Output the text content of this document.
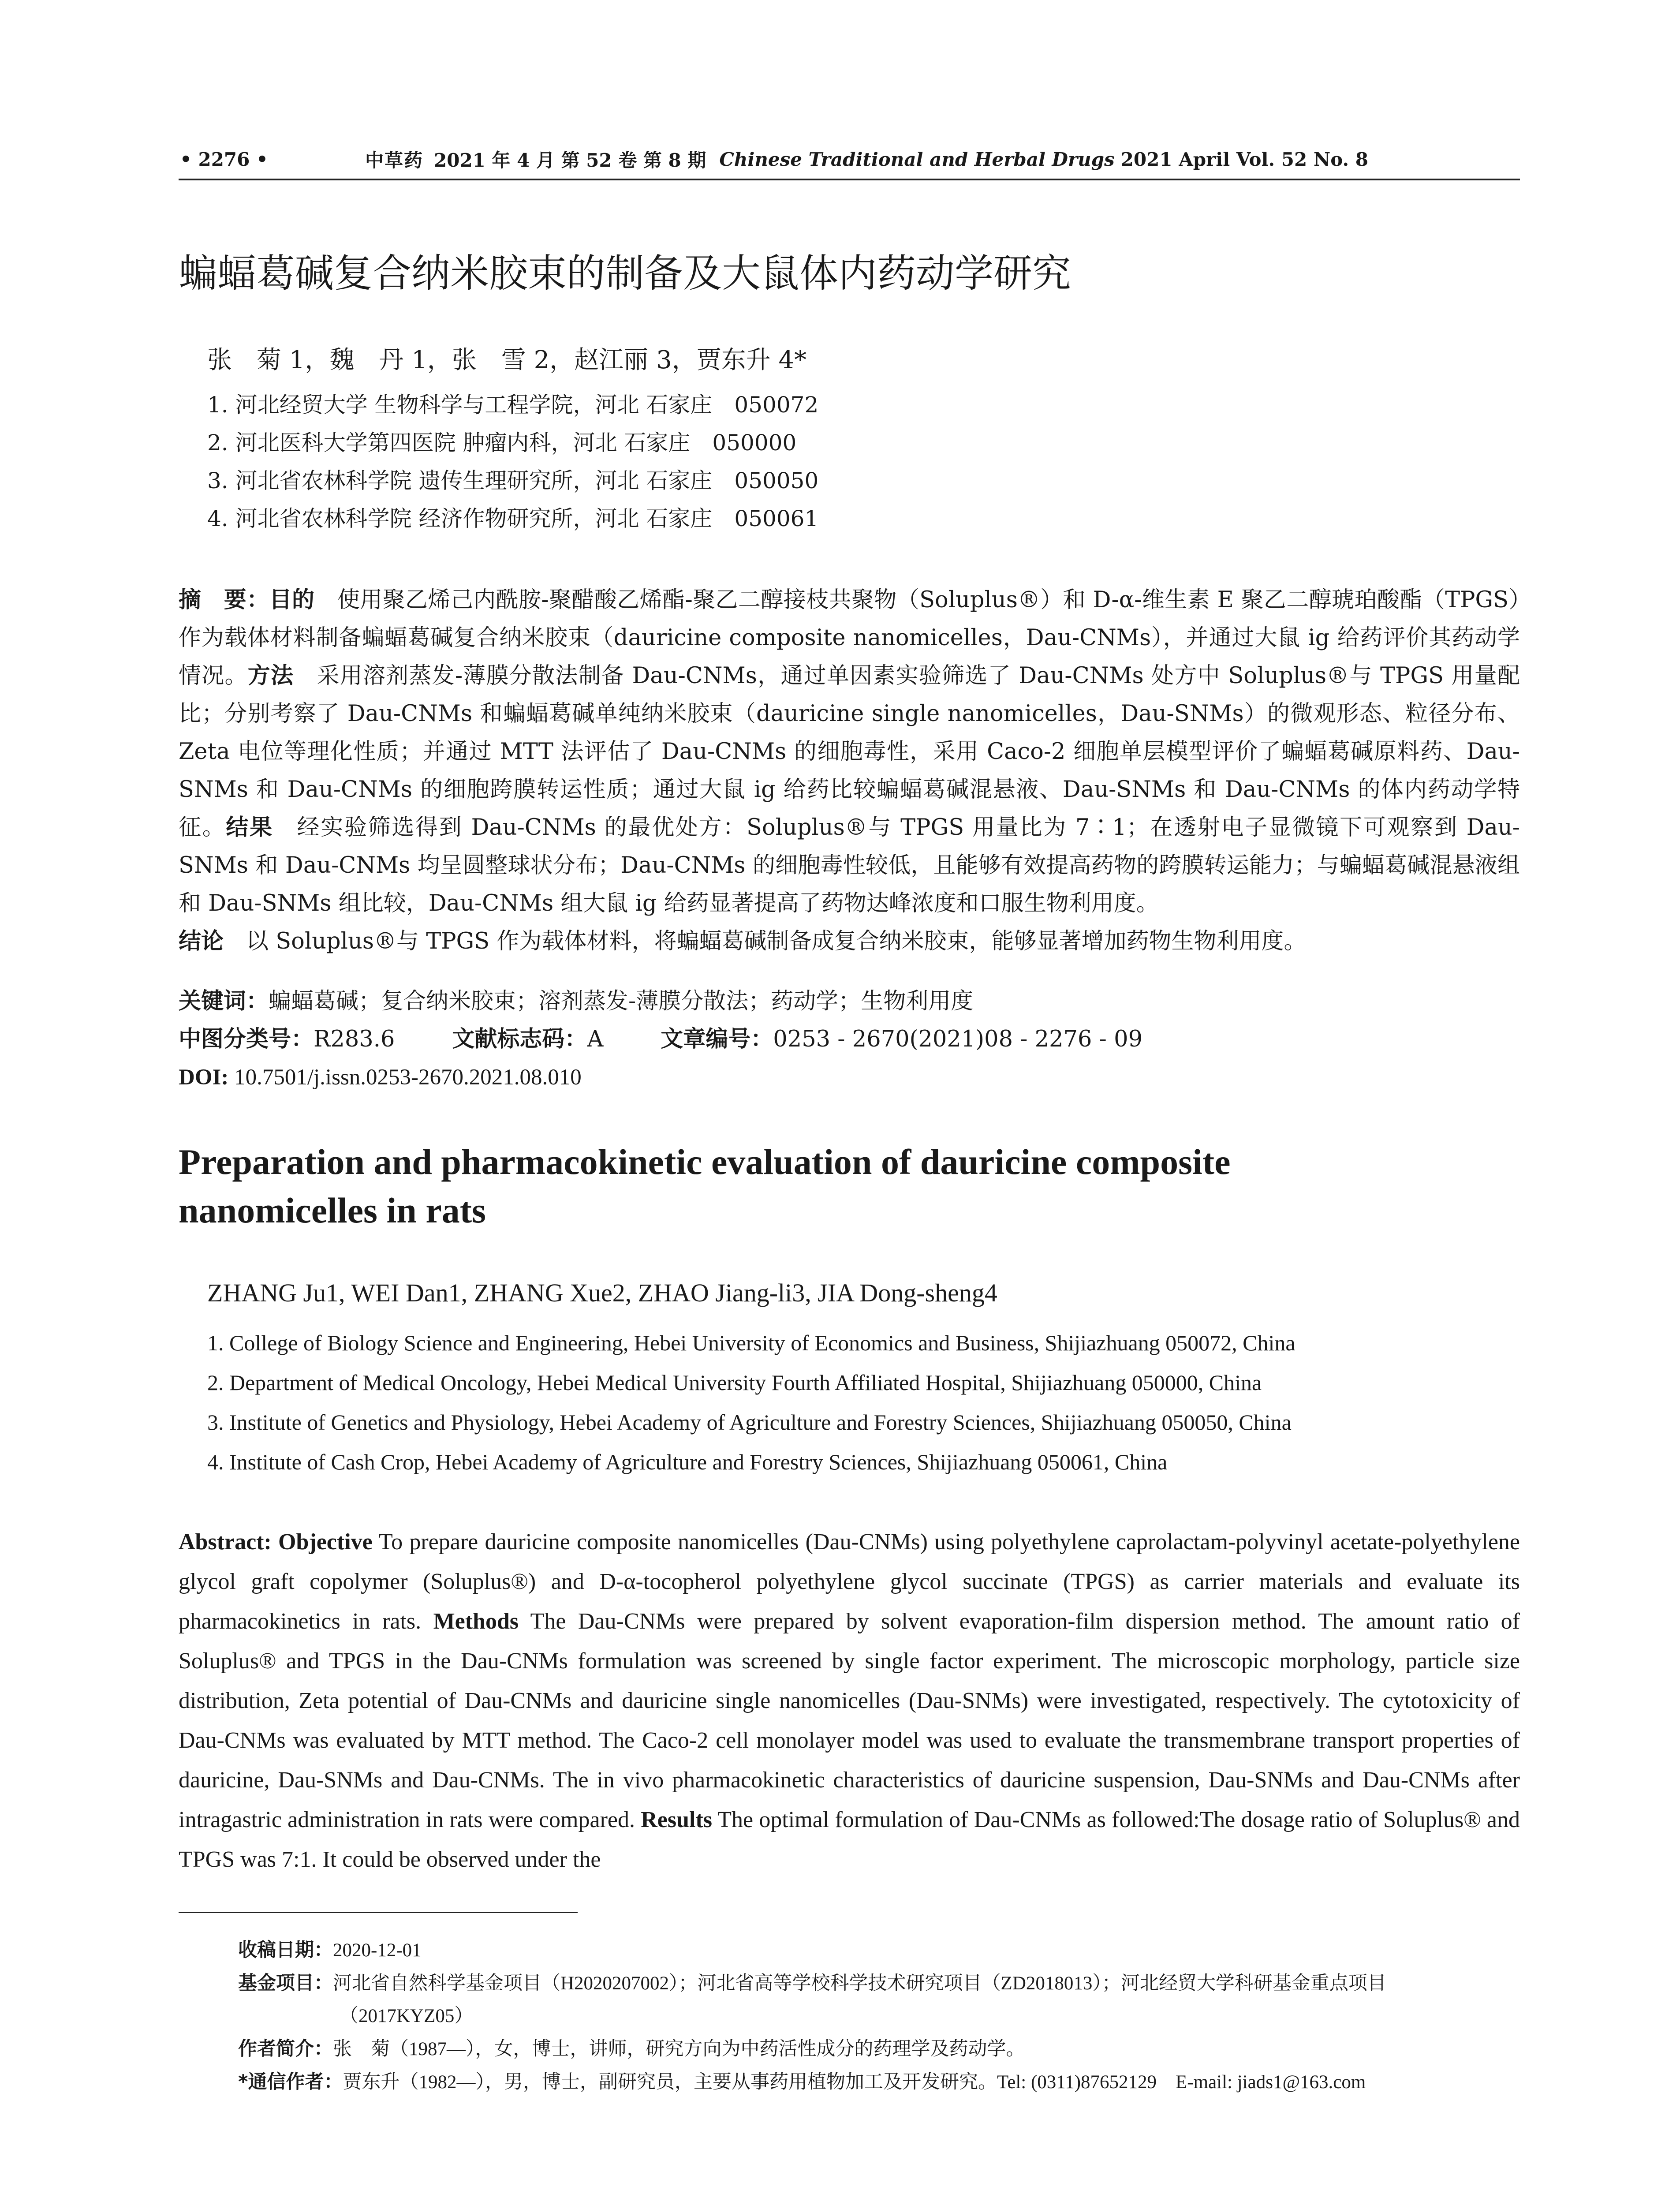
• 2276 •	中草药 2021 年 4 月 第 52 卷 第 8 期 Chinese Traditional and Herbal Drugs 2021 April Vol. 52 No. 8
蝙蝠葛碱复合纳米胶束的制备及大鼠体内药动学研究
张　菊 1，魏　丹 1，张　雪 2，赵江丽 3，贾东升 4*
1. 河北经贸大学 生物科学与工程学院，河北 石家庄　050072
2. 河北医科大学第四医院 肿瘤内科，河北 石家庄　050000
3. 河北省农林科学院 遗传生理研究所，河北 石家庄　050050
4. 河北省农林科学院 经济作物研究所，河北 石家庄　050061
摘　要：目的　使用聚乙烯己内酰胺-聚醋酸乙烯酯-聚乙二醇接枝共聚物（Soluplus®）和 D-α-维生素 E 聚乙二醇琥珀酸酯（TPGS）作为载体材料制备蝙蝠葛碱复合纳米胶束（dauricine composite nanomicelles，Dau-CNMs），并通过大鼠 ig 给药评价其药动学情况。方法　采用溶剂蒸发-薄膜分散法制备 Dau-CNMs，通过单因素实验筛选了 Dau-CNMs 处方中 Soluplus®与 TPGS 用量配比；分别考察了 Dau-CNMs 和蝙蝠葛碱单纯纳米胶束（dauricine single nanomicelles，Dau-SNMs）的微观形态、粒径分布、Zeta 电位等理化性质；并通过 MTT 法评估了 Dau-CNMs 的细胞毒性，采用 Caco-2 细胞单层模型评价了蝙蝠葛碱原料药、Dau-SNMs 和 Dau-CNMs 的细胞跨膜转运性质；通过大鼠 ig 给药比较蝙蝠葛碱混悬液、Dau-SNMs 和 Dau-CNMs 的体内药动学特征。结果　经实验筛选得到 Dau-CNMs 的最优处方：Soluplus®与 TPGS 用量比为 7∶1；在透射电子显微镜下可观察到 Dau-SNMs 和 Dau-CNMs 均呈圆整球状分布；Dau-CNMs 的细胞毒性较低，且能够有效提高药物的跨膜转运能力；与蝙蝠葛碱混悬液组和 Dau-SNMs 组比较，Dau-CNMs 组大鼠 ig 给药显著提高了药物达峰浓度和口服生物利用度。
结论　以 Soluplus®与 TPGS 作为载体材料，将蝙蝠葛碱制备成复合纳米胶束，能够显著增加药物生物利用度。
关键词：蝙蝠葛碱；复合纳米胶束；溶剂蒸发-薄膜分散法；药动学；生物利用度
中图分类号：R283.6	文献标志码：A	文章编号：0253 - 2670(2021)08 - 2276 - 09
DOI: 10.7501/j.issn.0253-2670.2021.08.010
Preparation and pharmacokinetic evaluation of dauricine composite nanomicelles in rats
ZHANG Ju1, WEI Dan1, ZHANG Xue2, ZHAO Jiang-li3, JIA Dong-sheng4
1. College of Biology Science and Engineering, Hebei University of Economics and Business, Shijiazhuang 050072, China
2. Department of Medical Oncology, Hebei Medical University Fourth Affiliated Hospital, Shijiazhuang 050000, China
3. Institute of Genetics and Physiology, Hebei Academy of Agriculture and Forestry Sciences, Shijiazhuang 050050, China
4. Institute of Cash Crop, Hebei Academy of Agriculture and Forestry Sciences, Shijiazhuang 050061, China
Abstract: Objective To prepare dauricine composite nanomicelles (Dau-CNMs) using polyethylene caprolactam-polyvinyl acetate-polyethylene glycol graft copolymer (Soluplus®) and D-α-tocopherol polyethylene glycol succinate (TPGS) as carrier materials and evaluate its pharmacokinetics in rats. Methods The Dau-CNMs were prepared by solvent evaporation-film dispersion method. The amount ratio of Soluplus® and TPGS in the Dau-CNMs formulation was screened by single factor experiment. The microscopic morphology, particle size distribution, Zeta potential of Dau-CNMs and dauricine single nanomicelles (Dau-SNMs) were investigated, respectively. The cytotoxicity of Dau-CNMs was evaluated by MTT method. The Caco-2 cell monolayer model was used to evaluate the transmembrane transport properties of dauricine, Dau-SNMs and Dau-CNMs. The in vivo pharmacokinetic characteristics of dauricine suspension, Dau-SNMs and Dau-CNMs after intragastric administration in rats were compared. Results The optimal formulation of Dau-CNMs as followed:The dosage ratio of Soluplus® and TPGS was 7:1. It could be observed under the
收稿日期：2020-12-01
基金项目：河北省自然科学基金项目（H2020207002）；河北省高等学校科学技术研究项目（ZD2018013）；河北经贸大学科研基金重点项目
（2017KYZ05）
作者简介：张　菊（1987—），女，博士，讲师，研究方向为中药活性成分的药理学及药动学。
*通信作者：贾东升（1982—），男，博士，副研究员，主要从事药用植物加工及开发研究。Tel: (0311)87652129　E-mail: jiads1@163.com
